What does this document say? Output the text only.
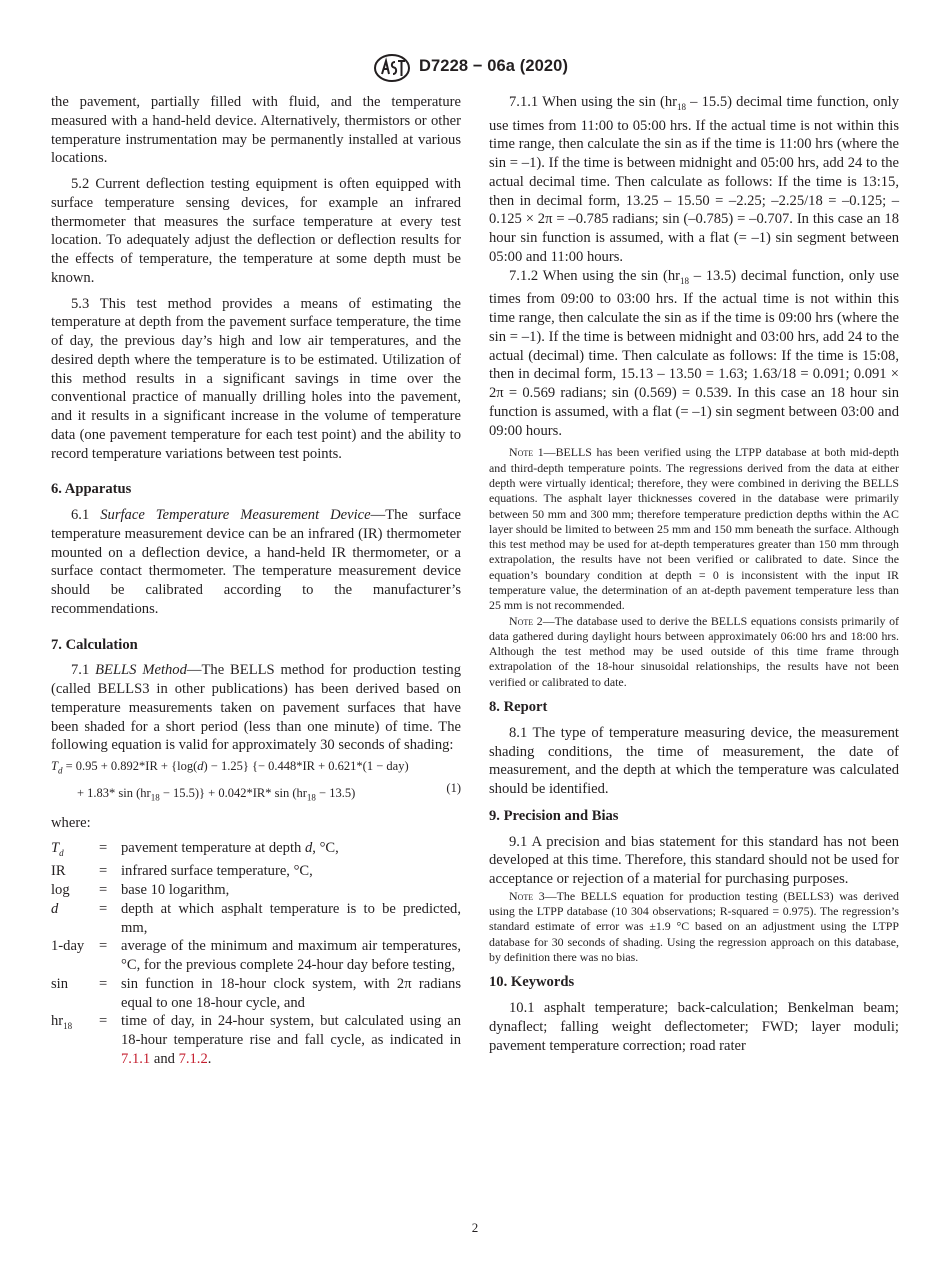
D7228 − 06a (2020)

the pavement, partially filled with fluid, and the temperature measured with a hand-held device. Alternatively, thermistors or other temperature instrumentation may be permanently installed at various locations.

5.2 Current deflection testing equipment is often equipped with surface temperature sensing devices, for example an infrared thermometer that measures the surface temperature at every test location. To adequately adjust the deflection or deflection results for the effects of temperature, the temperature at some depth must be known.

5.3 This test method provides a means of estimating the temperature at depth from the pavement surface temperature, the time of day, the previous day’s high and low air temperatures, and the desired depth where the temperature is to be estimated. Utilization of this method results in a significant savings in time over the conventional practice of manually drilling holes into the pavement, and it results in a significant increase in the volume of temperature data (one pavement temperature for each test point) and the ability to record temperature variations between test points.

6. Apparatus

6.1 Surface Temperature Measurement Device—The surface temperature measurement device can be an infrared (IR) thermometer mounted on a deflection device, a hand-held IR thermometer, or a surface contact thermometer. The temperature measurement device should be calibrated according to the manufacturer’s recommendations.

7. Calculation

7.1 BELLS Method—The BELLS method for production testing (called BELLS3 in other publications) has been derived based on temperature measurements taken on pavement surfaces that have been shaded for a short period (less than one minute) of time. The following equation is valid for approximately 30 seconds of shading:

$T_d = 0.95 + 0.892*IR + \{\log(d) - 1.25\}$ {− 0.448*IR + 0.621*(1 − day)
+ 1.83* $\sin (hr_{18} - 15.5)\} + 0.042*IR*$ $\sin (hr_{18} - 13.5)$	(1)

where:

$T_d$	= pavement temperature at depth d, °C,
IR	= infrared surface temperature, °C,
log	= base 10 logarithm,
d	= depth at which asphalt temperature is to be predicted, mm,
1-day	= average of the minimum and maximum air temperatures, °C, for the previous complete 24-hour day before testing,
sin	= sin function in 18-hour clock system, with 2π radians equal to one 18-hour cycle, and
$hr_{18}$	= time of day, in 24-hour system, but calculated using an 18-hour temperature rise and fall cycle, as indicated in 7.1.1 and 7.1.2.

7.1.1 When using the $\sin (hr_{18} - 15.5)$ decimal time function, only use times from 11:00 to 05:00 hrs. If the actual time is not within this time range, then calculate the sin as if the time is 11:00 hrs (where the sin = –1). If the time is between midnight and 05:00 hrs, add 24 to the actual decimal time. Then calculate as follows: If the time is 13:15, then in decimal form, 13.25 – 15.50 = –2.25; –2.25/18 = –0.125; –0.125 × 2π = –0.785 radians; sin (–0.785) = –0.707. In this case an 18 hour sin function is assumed, with a flat (= –1) sin segment between 05:00 and 11:00 hours.

7.1.2 When using the $\sin (hr_{18} - 13.5)$ decimal function, only use times from 09:00 to 03:00 hrs. If the actual time is not within this time range, then calculate the sin as if the time is 09:00 hrs (where the sin = –1). If the time is between midnight and 03:00 hrs, add 24 to the actual (decimal) time. Then calculate as follows: If the time is 15:08, then in decimal form, 15.13 – 13.50 = 1.63; 1.63/18 = 0.091; 0.091 × 2π = 0.569 radians; sin (0.569) = 0.539. In this case an 18 hour sin function is assumed, with a flat (= –1) sin segment between 03:00 and 09:00 hours.

Note 1—BELLS has been verified using the LTPP database at both mid-depth and third-depth temperature points. The regressions derived from the data at either depth were virtually identical; therefore, they were combined in deriving the BELLS equations. The asphalt layer thicknesses covered in the database were primarily between 50 mm and 300 mm; therefore temperature prediction depths within the AC layer should be limited to between 25 mm and 150 mm beneath the surface. Although this test method may be used for at-depth temperatures greater than 150 mm through extrapolation, the results have not been verified or calibrated to date. Since the equation’s boundary condition at depth = 0 is inconsistent with the input IR temperature value, the determination of an at-depth pavement temperature less than 25 mm is not recommended.

Note 2—The database used to derive the BELLS equations consists primarily of data gathered during daylight hours between approximately 06:00 hrs and 18:00 hrs. Although the test method may be used outside of this time frame through extrapolation of the 18-hour sinusoidal relationships, the results have not been verified or calibrated to date.

8. Report

8.1 The type of temperature measuring device, the measurement shading conditions, the time of measurement, the date of measurement, and the depth at which the temperature was calculated should be identified.

9. Precision and Bias

9.1 A precision and bias statement for this standard has not been developed at this time. Therefore, this standard should not be used for acceptance or rejection of a material for purchasing purposes.

Note 3—The BELLS equation for production testing (BELLS3) was derived using the LTPP database (10 304 observations; R-squared = 0.975). The regression’s standard estimate of error was ±1.9 °C based on an adjustment using the LTPP database for 30 seconds of shading. Using the regression approach on this database, by definition there was no bias.

10. Keywords

10.1 asphalt temperature; back-calculation; Benkelman beam; dynaflect; falling weight deflectometer; FWD; layer moduli; pavement temperature correction; road rater

2
